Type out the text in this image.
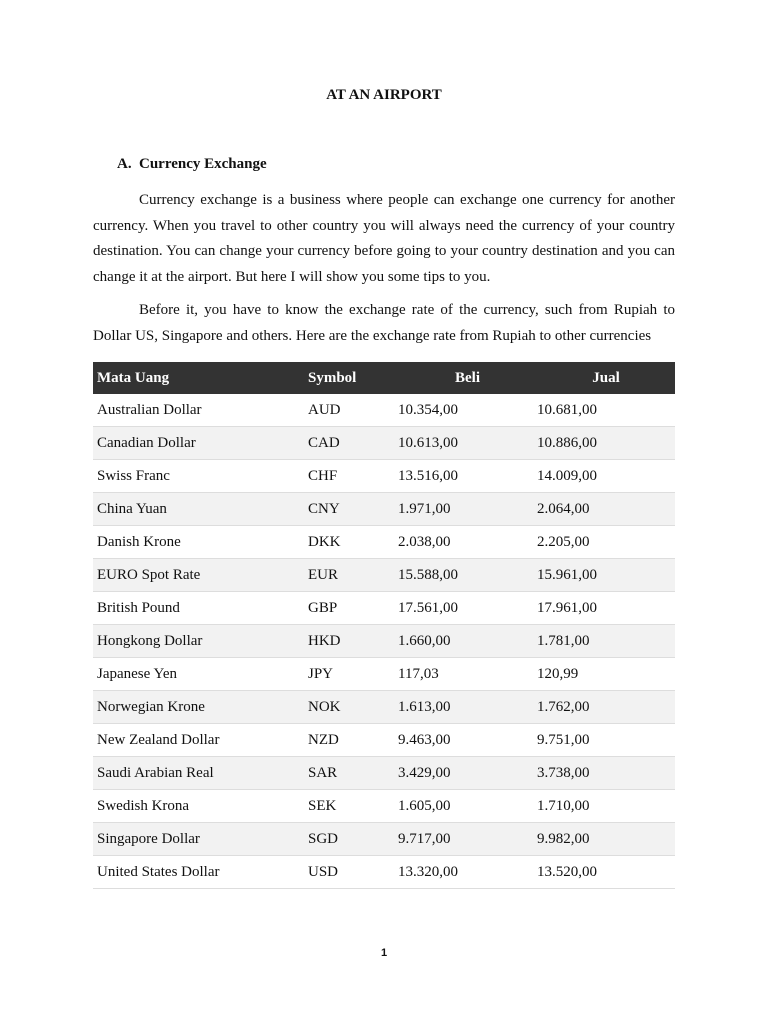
AT AN AIRPORT
A. Currency Exchange

Currency exchange is a business where people can exchange one currency for another currency. When you travel to other country you will always need the currency of your country destination. You can change your currency before going to your country destination and you can change it at the airport. But here I will show you some tips to you.

Before it, you have to know the exchange rate of the currency, such from Rupiah to Dollar US, Singapore and others. Here are the exchange rate from Rupiah to other currencies

Mata Uang	Symbol	Beli	Jual
Australian Dollar	AUD	10.354,00	10.681,00
Canadian Dollar	CAD	10.613,00	10.886,00
Swiss Franc	CHF	13.516,00	14.009,00
China Yuan	CNY	1.971,00	2.064,00
Danish Krone	DKK	2.038,00	2.205,00
EURO Spot Rate	EUR	15.588,00	15.961,00
British Pound	GBP	17.561,00	17.961,00
Hongkong Dollar	HKD	1.660,00	1.781,00
Japanese Yen	JPY	117,03	120,99
Norwegian Krone	NOK	1.613,00	1.762,00
New Zealand Dollar	NZD	9.463,00	9.751,00
Saudi Arabian Real	SAR	3.429,00	3.738,00
Swedish Krona	SEK	1.605,00	1.710,00
Singapore Dollar	SGD	9.717,00	9.982,00
United States Dollar	USD	13.320,00	13.520,00
1
